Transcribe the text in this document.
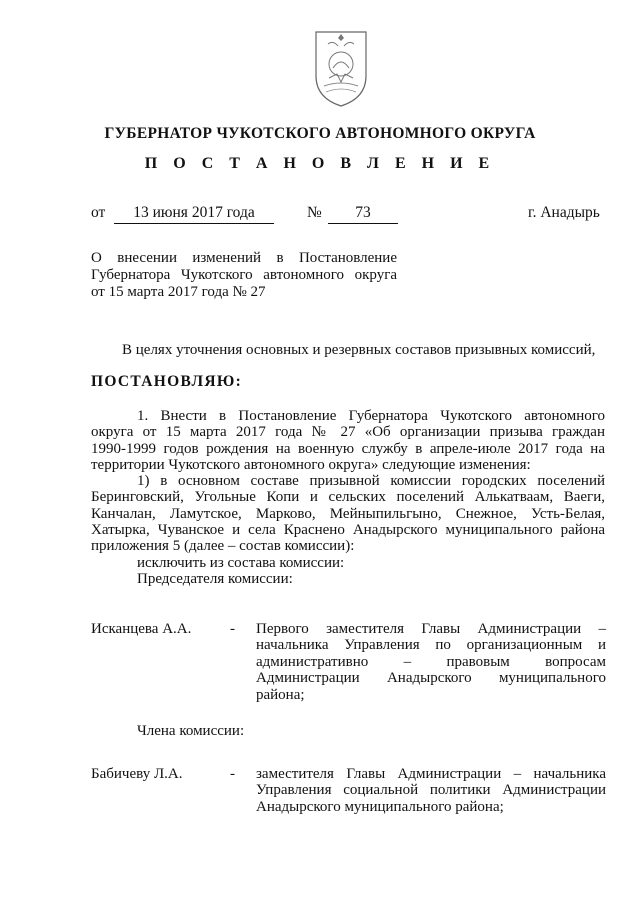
ГУБЕРНАТОР ЧУКОТСКОГО АВТОНОМНОГО ОКРУГА
П О С Т А Н О В Л Е Н И Е
от	13 июня 2017 года	№	73	г. Анадырь
О внесении изменений в Постановление
Губернатора Чукотского автономного округа
от 15 марта 2017 года № 27
В целях уточнения основных и резервных составов призывных комиссий,
ПОСТАНОВЛЯЮ:
1. Внести в Постановление Губернатора Чукотского автономного
округа от 15 марта 2017 года № 27 «Об организации призыва граждан
1990-1999 годов рождения на военную службу в апреле-июле 2017 года на
территории Чукотского автономного округа» следующие изменения:
1) в основном составе призывной комиссии городских поселений
Беринговский, Угольные Копи и сельских поселений Алькатваам, Ваеги,
Канчалан, Ламутское, Марково, Мейныпильгыно, Снежное, Усть-Белая,
Хатырка, Чуванское и села Краснено Анадырского муниципального района
приложения 5 (далее – состав комиссии):
исключить из состава комиссии:
Председателя комиссии:
Исканцева А.А.	- Первого заместителя Главы Администрации –
начальника Управления по организационным и
административно – правовым вопросам
Администрации Анадырского муниципального
района;
Члена комиссии:
Бабичеву Л.А.	- заместителя Главы Администрации – начальника
Управления социальной политики Администрации
Анадырского муниципального района;
